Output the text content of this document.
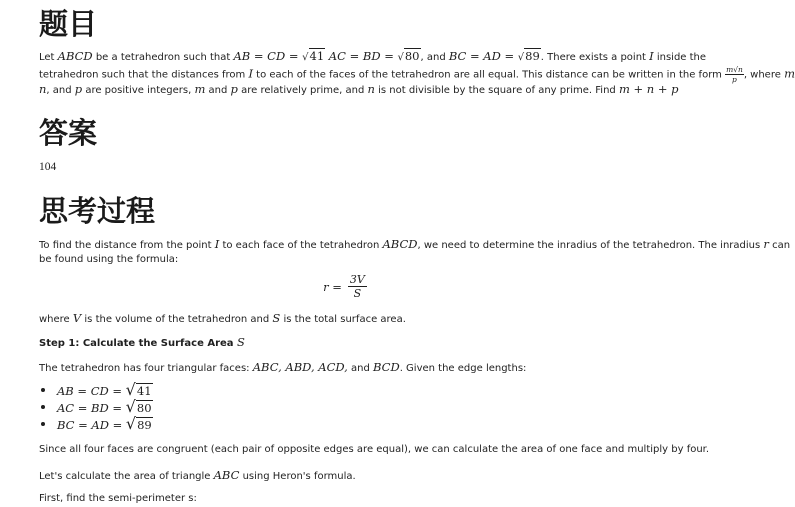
题目

Let ABCD be a tetrahedron such that AB = CD = √41 AC = BD = √80, and BC = AD = √89. There exists a point I inside the

tetrahedron such that the distances from I to each of the faces of the tetrahedron are all equal. This distance can be written in the form $\frac{m√n}{p}$ , where m

n, and p are positive integers, m and p are relatively prime, and n is not divisible by the square of any prime. Find m + n + p

答案
104
思考过程

To find the distance from the point I to each face of the tetrahedron ABCD, we need to determine the inradius of the tetrahedron. The inradius r can

be found using the formula:

$r = \frac{3V}{S}$

where V is the volume of the tetrahedron and S is the total surface area.

Step 1: Calculate the Surface Area S

The tetrahedron has four triangular faces: ABC, ABD, ACD, and BCD. Given the edge lengths:

AB = CD = √41
AC = BD = √80
BC = AD = √89

Since all four faces are congruent (each pair of opposite edges are equal), we can calculate the area of one face and multiply by four.

Let's calculate the area of triangle ABC using Heron's formula.

First, find the semi-perimeter s:
